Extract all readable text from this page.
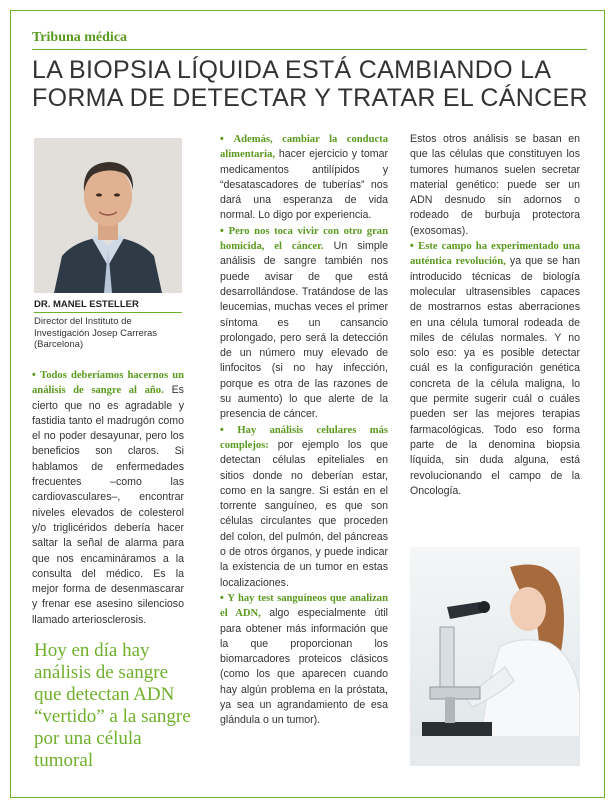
Tribuna médica
LA BIOPSIA LÍQUIDA ESTÁ CAMBIANDO LA FORMA DE DETECTAR Y TRATAR EL CÁNCER
DR. MANEL ESTELLER
Director del Instituto de Investigación Josep Carreras (Barcelona)

• Todos deberíamos hacernos un análisis de sangre al año. Es cierto que no es agradable y fastidia tanto el madrugón como el no poder desayunar, pero los beneficios son claros. Si hablamos de enfermedades frecuentes –como las cardiovasculares–, encontrar niveles elevados de colesterol y/o triglicéridos debería hacer saltar la señal de alarma para que nos encamináramos a la consulta del médico. Es la mejor forma de desenmascarar y frenar ese asesino silencioso llamado arteriosclerosis.

Hoy en día hay análisis de sangre que detectan ADN “vertido” a la sangre por una célula tumoral

• Además, cambiar la conducta alimentaria, hacer ejercicio y tomar medicamentos antilípidos y “desatascadores de tuberías” nos dará una esperanza de vida normal. Lo digo por experiencia.

• Pero nos toca vivir con otro gran homicida, el cáncer. Un simple análisis de sangre también nos puede avisar de que está desarrollándose. Tratándose de las leucemias, muchas veces el primer síntoma es un cansancio prolongado, pero será la detección de un número muy elevado de linfocitos (si no hay infección, porque es otra de las razones de su aumento) lo que alerte de la presencia de cáncer.

• Hay análisis celulares más complejos: por ejemplo los que detectan células epiteliales en sitios donde no deberían estar, como en la sangre. Si están en el torrente sanguíneo, es que son células circulantes que proceden del colon, del pulmón, del páncreas o de otros órganos, y puede indicar la existencia de un tumor en estas localizaciones.

• Y hay test sanguíneos que analizan el ADN, algo especialmente útil para obtener más información que la que proporcionan los biomarcadores proteicos clásicos (como los que aparecen cuando hay algún problema en la próstata, ya sea un agrandamiento de esa glándula o un tumor).

Estos otros análisis se basan en que las células que constituyen los tumores humanos suelen secretar material genético: puede ser un ADN desnudo sin adornos o rodeado de burbuja protectora (exosomas).

• Este campo ha experimentado una auténtica revolución, ya que se han introducido técnicas de biología molecular ultrasensibles capaces de mostrarnos estas aberraciones en una célula tumoral rodeada de miles de células normales. Y no solo eso: ya es posible detectar cuál es la configuración genética concreta de la célula maligna, lo que permite sugerir cuál o cuáles pueden ser las mejores terapias farmacológicas. Todo eso forma parte de la denomina biopsia líquida, sin duda alguna, está revolucionando el campo de la Oncología.
